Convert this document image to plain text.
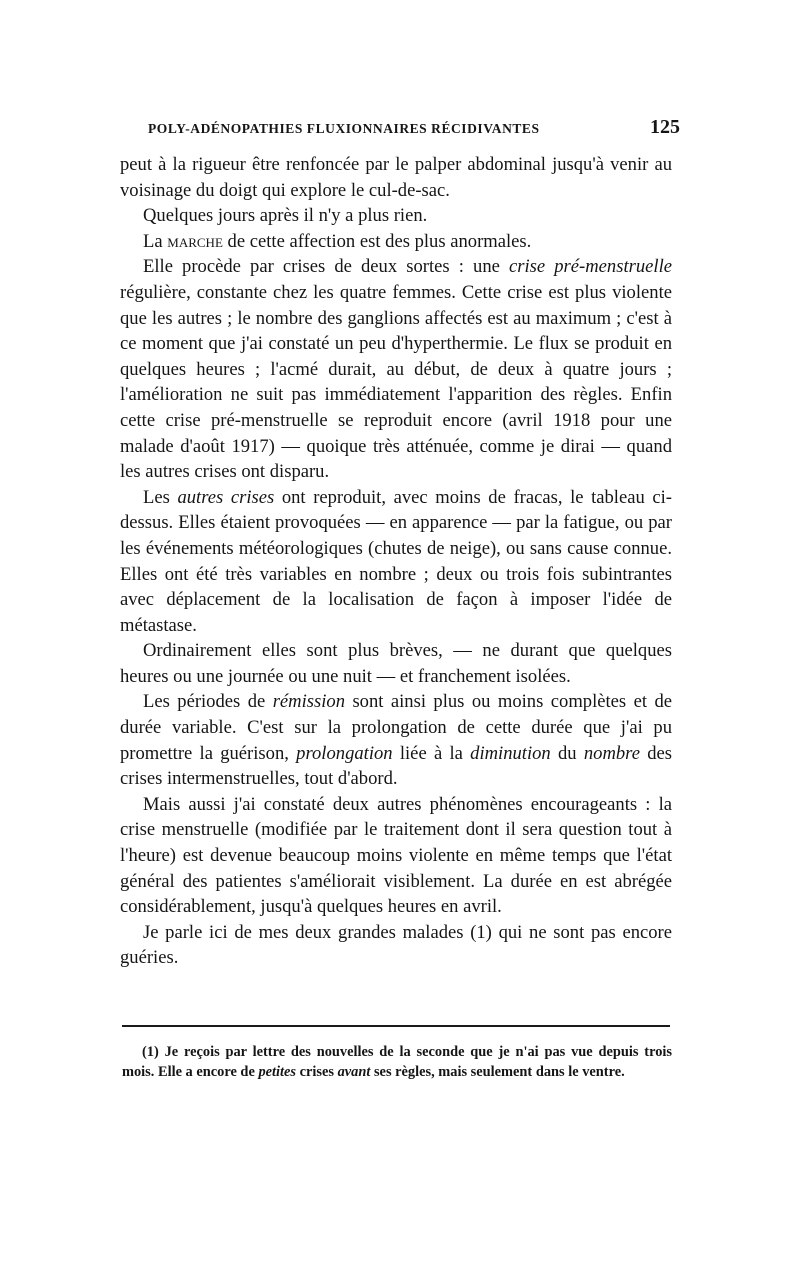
POLY-ADÉNOPATHIES FLUXIONNAIRES RÉCIDIVANTES	125

peut à la rigueur être renfoncée par le palper abdominal jusqu'à venir au voisinage du doigt qui explore le cul-de-sac.

Quelques jours après il n'y a plus rien.

La marche de cette affection est des plus anormales.

Elle procède par crises de deux sortes : une crise pré-menstruelle régulière, constante chez les quatre femmes. Cette crise est plus violente que les autres ; le nombre des ganglions affectés est au maximum ; c'est à ce moment que j'ai constaté un peu d'hyperthermie. Le flux se produit en quelques heures ; l'acmé durait, au début, de deux à quatre jours ; l'amélioration ne suit pas immédiatement l'apparition des règles. Enfin cette crise pré-menstruelle se reproduit encore (avril 1918 pour une malade d'août 1917) — quoique très atténuée, comme je dirai — quand les autres crises ont disparu.

Les autres crises ont reproduit, avec moins de fracas, le tableau ci-dessus. Elles étaient provoquées — en apparence — par la fatigue, ou par les événements météorologiques (chutes de neige), ou sans cause connue. Elles ont été très variables en nombre ; deux ou trois fois subintrantes avec déplacement de la localisation de façon à imposer l'idée de métastase.

Ordinairement elles sont plus brèves, — ne durant que quelques heures ou une journée ou une nuit — et franchement isolées.

Les périodes de rémission sont ainsi plus ou moins complètes et de durée variable. C'est sur la prolongation de cette durée que j'ai pu promettre la guérison, prolongation liée à la diminution du nombre des crises intermenstruelles, tout d'abord.

Mais aussi j'ai constaté deux autres phénomènes encourageants : la crise menstruelle (modifiée par le traitement dont il sera question tout à l'heure) est devenue beaucoup moins violente en même temps que l'état général des patientes s'améliorait visiblement. La durée en est abrégée considérablement, jusqu'à quelques heures en avril.

Je parle ici de mes deux grandes malades (1) qui ne sont pas encore guéries.

(1) Je reçois par lettre des nouvelles de la seconde que je n'ai pas vue depuis trois mois. Elle a encore de petites crises avant ses règles, mais seulement dans le ventre.
